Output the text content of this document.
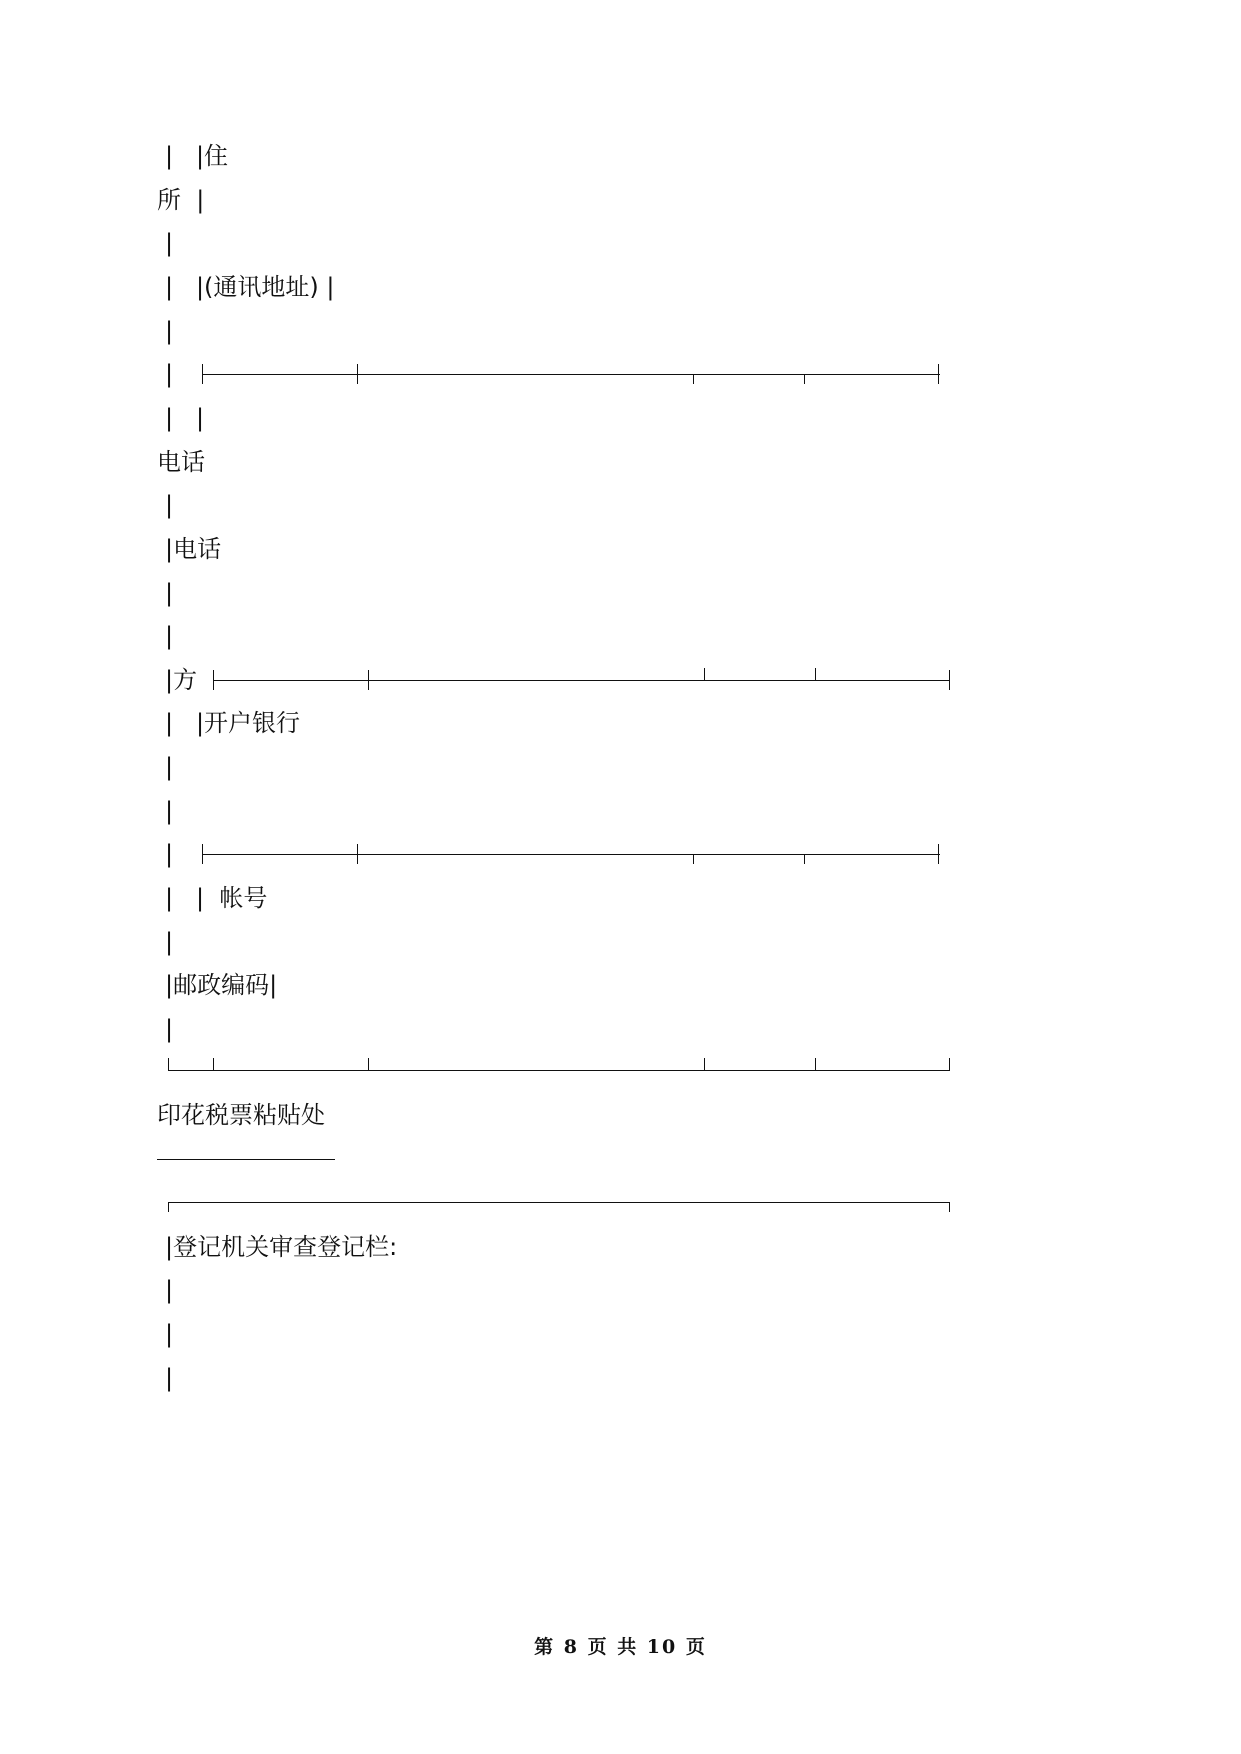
|   |住
所  |
|
|   |(通讯地址) |
|
|
|   |
电话
|
|电话
|
|
|方
|   |开户银行
|
|
|
|   |  帐号
|
|邮政编码|
|
印花税票粘贴处
|登记机关审查登记栏:
|
|
|
第 8 页 共 10 页
